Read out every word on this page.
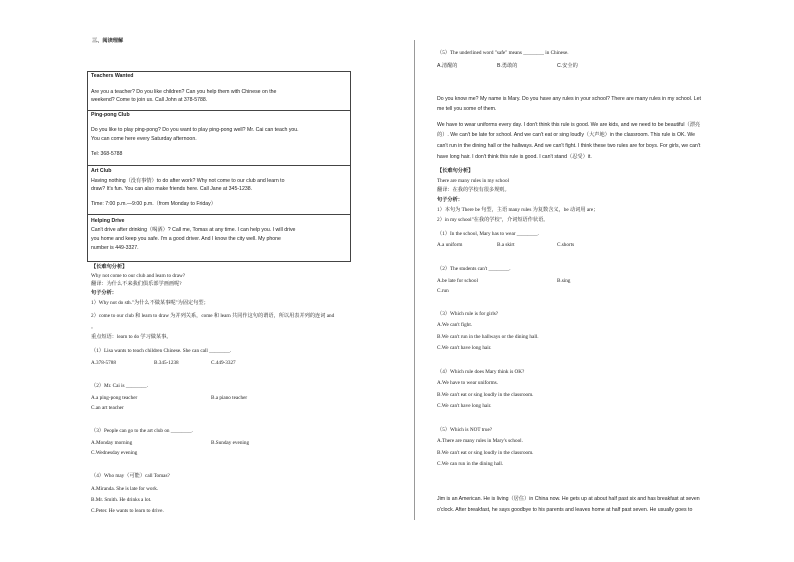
三、阅读理解
Teachers Wanted
Are you a teacher? Do you like children? Can you help them with Chinese on the
weekend? Come to join us. Call John at 378-5788.
Ping-pong Club
Do you like to play ping-pong? Do you want to play ping-pong well? Mr. Cai can teach you.
You can come here every Saturday afternoon.
Tel: 368-5788
Art Club
Having nothing（没有事情）to do after work? Why not come to our club and learn to
draw? It's fun. You can also make friends here. Call Jane at 345-1238.
Time: 7:00 p.m.—9:00 p.m.（from Monday to Friday）
Helping Drive
Can't drive after drinking（喝酒）? Call me, Tomas at any time. I can help you. I will drive
you home and keep you safe. I'm a good driver. And I know the city well. My phone
number is 449-3327.
【长难句分析】
Why not come to our club and learn to draw?
翻译：为什么不来我们俱乐部学画画呢?
句子分析：
1）Why not do sth."为什么不做某事呢"为固定句型；
2）come to our club 和 learn to draw 为并列关系，come 和 learn 共同作这句的谓语，所以用表并列的连词 and
。
重点短语：learn to do 学习做某事。
（1）Lisa wants to teach children Chinese. She can call ________.
A.378-5788	B.345-1238	C.449-3327
（2）Mr. Cai is ________.
A.a ping-pong teacher	B.a piano teacher
C.an art teacher
（3）People can go to the art club on ________.
A.Monday morning	B.Sunday evening
C.Wednesday evening
（4）Who may（可能）call Tomas?
A.Miranda. She is late for work.
B.Mr. Smith. He drinks a lot.
C.Peter. He wants to learn to drive.
（5）The underlined word "safe" means ________ in Chinese.
A.清醒的	B.勇敢的	C.安全的
Do you know me? My name is Mary. Do you have any rules in your school? There are many rules in my school. Let
me tell you some of them.
We have to wear uniforms every day. I don't think this rule is good. We are kids, and we need to be beautiful（漂亮
的）. We can't be late for school. And we can't eat or sing loudly（大声地）in the classroom. This rule is OK. We
can't run in the dining hall or the hallways. And we can't fight. I think these two rules are for boys. For girls, we can't
have long hair. I don't think this rule is good. I can't stand（忍受）it.
【长难句分析】
There are many rules in my school
翻译：在我的学校有很多规则。
句子分析：
1）本句为 There be 句型，主语 many rules 为复数含义，be 动词用 are；
2）in my school"在我的学校"，介词短语作状语。
（1）In the school, Mary has to wear ________.
A.a uniform	B.a skirt	C.shorts
（2）The students can't ________.
A.be late for school	B.sing
C.run
（3）Which rule is for girls?
A.We can't fight.
B.We can't run in the hallways or the dining hall.
C.We can't have long hair.
（4）Which rule does Mary think is OK?
A.We have to wear uniforms.
B.We can't eat or sing loudly in the classroom.
C.We can't have long hair.
（5）Which is NOT true?
A.There are many rules in Mary's school.
B.We can't eat or sing loudly in the classroom.
C.We can run in the dining hall.
Jim is an American. He is living（居住）in China now. He gets up at about half past six and has breakfast at seven
o'clock. After breakfast, he says goodbye to his parents and leaves home at half past seven. He usually goes to
